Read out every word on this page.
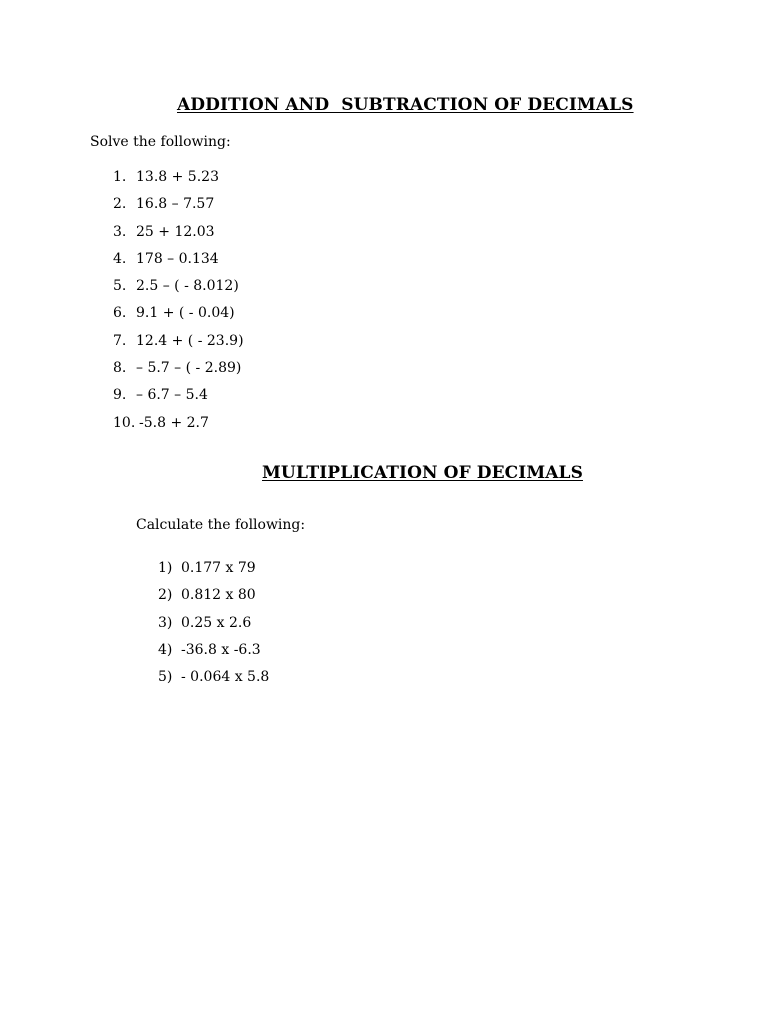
ADDITION AND  SUBTRACTION OF DECIMALS

Solve the following:

1. 13.8 + 5.23
2. 16.8 – 7.57
3. 25 + 12.03
4. 178 – 0.134
5. 2.5 – ( - 8.012)
6. 9.1 + ( - 0.04)
7. 12.4 + ( - 23.9)
8. – 5.7 – ( - 2.89)
9. – 6.7 – 5.4
10. -5.8 + 2.7
MULTIPLICATION OF DECIMALS

Calculate the following:

1) 0.177 x 79
2) 0.812 x 80
3) 0.25 x 2.6
4) -36.8 x -6.3
5) - 0.064 x 5.8
